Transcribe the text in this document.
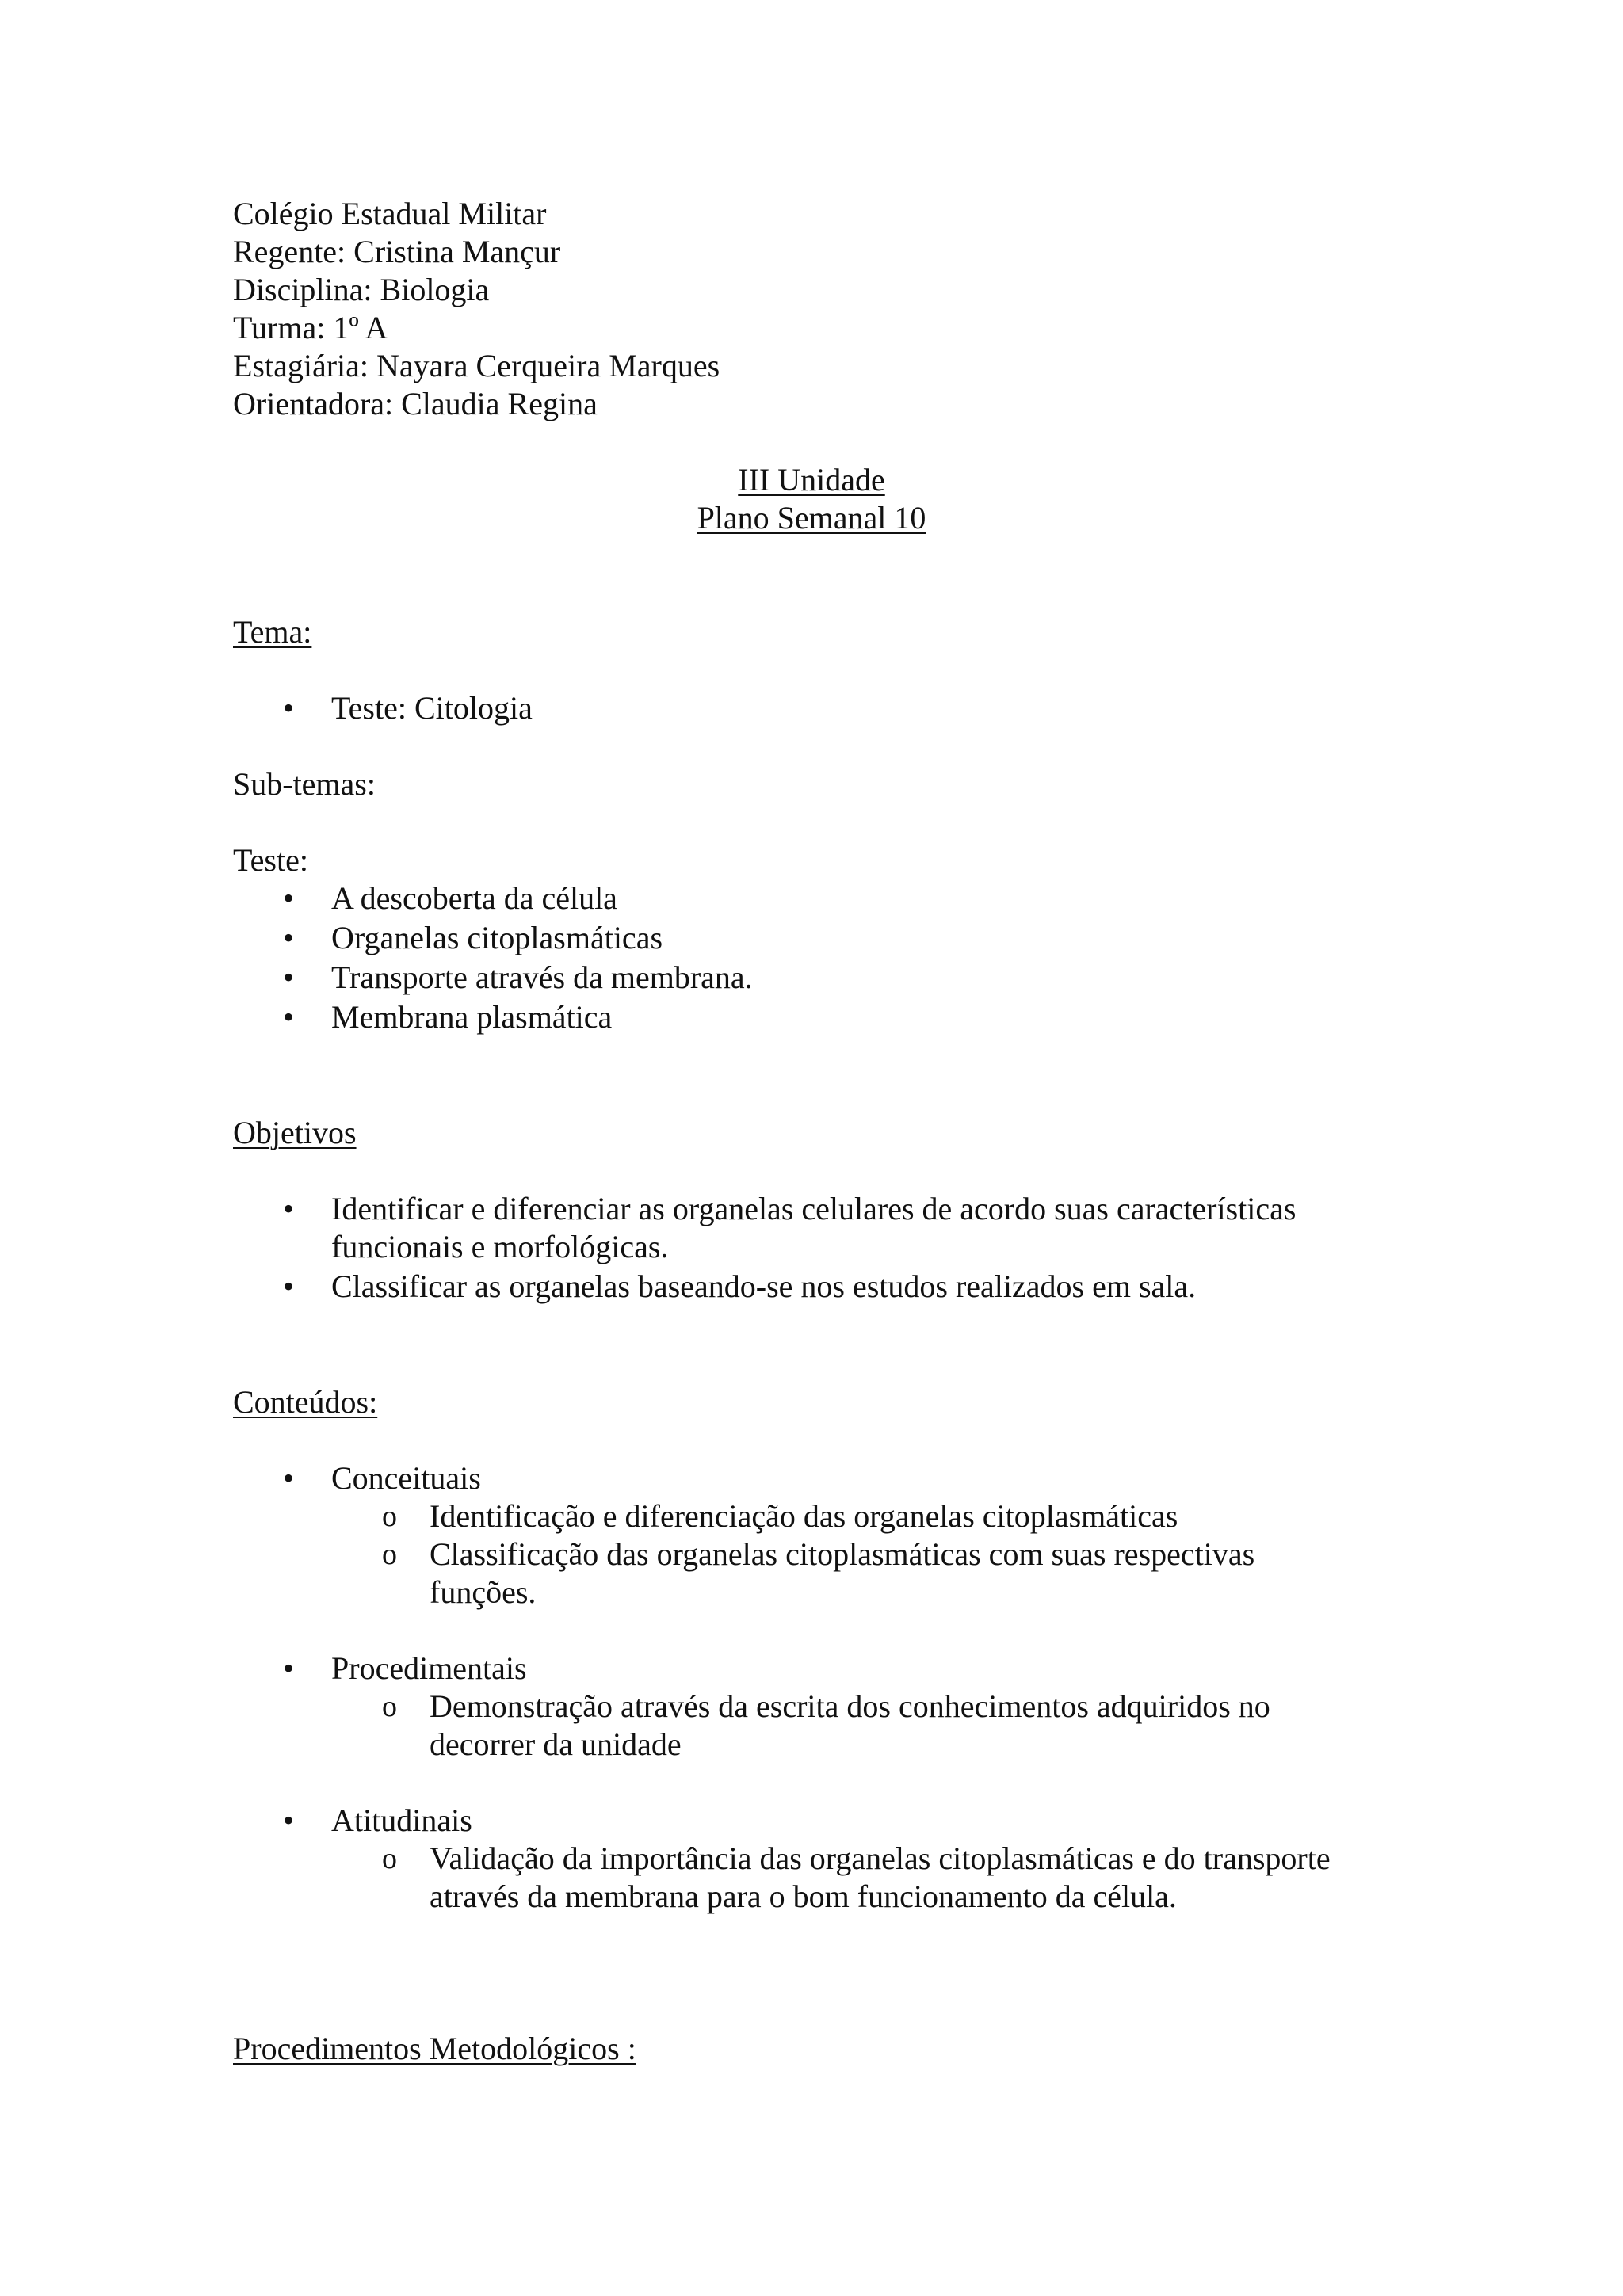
Colégio Estadual Militar
Regente: Cristina Mançur
Disciplina: Biologia
Turma: 1º A
Estagiária: Nayara Cerqueira Marques
Orientadora: Claudia Regina
III Unidade
Plano Semanal 10
Tema:
• Teste: Citologia
Sub-temas:
Teste:
• A descoberta da célula
• Organelas citoplasmáticas
• Transporte através da membrana.
• Membrana plasmática
Objetivos
• Identificar e diferenciar as organelas celulares de acordo suas características
funcionais e morfológicas.
• Classificar as organelas baseando-se nos estudos realizados em sala.
Conteúdos:
• Conceituais
o Identificação e diferenciação das organelas citoplasmáticas
o Classificação das organelas citoplasmáticas com suas respectivas
funções.
• Procedimentais
o Demonstração através da escrita dos conhecimentos adquiridos no
decorrer da unidade
• Atitudinais
o Validação da importância das organelas citoplasmáticas e do transporte
através da membrana para o bom funcionamento da célula.
Procedimentos Metodológicos :
